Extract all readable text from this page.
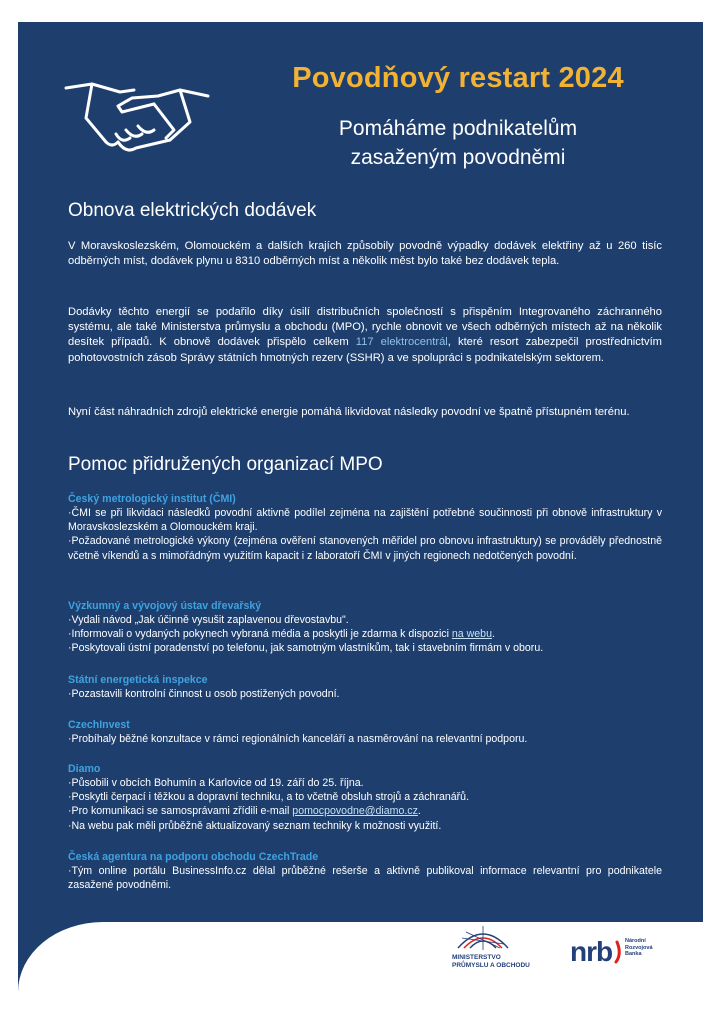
Povodňový restart 2024
Pomáháme podnikatelům
zasaženým povodněmi
Obnova elektrických dodávek

V Moravskoslezském, Olomouckém a dalších krajích způsobily povodně výpadky dodávek elektřiny až u 260 tisíc odběrných míst, dodávek plynu u 8310 odběrných míst a několik měst bylo také bez dodávek tepla.

Dodávky těchto energií se podařilo díky úsilí distribučních společností s přispěním Integrovaného záchranného systému, ale také Ministerstva průmyslu a obchodu (MPO), rychle obnovit ve všech odběrných místech až na několik desítek případů. K obnově dodávek přispělo celkem 117 elektrocentrál, které resort zabezpečil prostřednictvím pohotovostních zásob Správy státních hmotných rezerv (SSHR) a ve spolupráci s podnikatelským sektorem.

Nyní část náhradních zdrojů elektrické energie pomáhá likvidovat následky povodní ve špatně přístupném terénu.

Pomoc přidružených organizací MPO
Český metrologický institut (ČMI)

·ČMI se při likvidaci následků povodní aktivně podílel zejména na zajištění potřebné součinnosti při obnově infrastruktury v Moravskoslezském a Olomouckém kraji.

·Požadované metrologické výkony (zejména ověření stanovených měřidel pro obnovu infrastruktury) se prováděly přednostně včetně víkendů a s mimořádným využitím kapacit i z laboratoří ČMI v jiných regionech nedotčených povodní.

Výzkumný a vývojový ústav dřevařský

·Vydali návod „Jak účinně vysušit zaplavenou dřevostavbu".

·Informovali o vydaných pokynech vybraná média a poskytli je zdarma k dispozici na webu.

·Poskytovali ústní poradenství po telefonu, jak samotným vlastníkům, tak i stavebním firmám v oboru.

Státní energetická inspekce

·Pozastavili kontrolní činnost u osob postižených povodní.

CzechInvest

·Probíhaly běžné konzultace v rámci regionálních kanceláří a nasměrování na relevantní podporu.

Diamo

·Působili v obcích Bohumín a Karlovice od 19. září do 25. října.

·Poskytli čerpací i těžkou a dopravní techniku, a to včetně obsluh strojů a záchranářů.

·Pro komunikaci se samosprávami zřídili e-mail pomocpovodne@diamo.cz.

·Na webu pak měli průběžně aktualizovaný seznam techniky k možnosti využití.

Česká agentura na podporu obchodu CzechTrade

·Tým online portálu BusinessInfo.cz dělal průběžné rešerše a aktivně publikoval informace relevantní pro podnikatele zasažené povodněmi.

MINISTERSTVO
PRŮMYSLU A OBCHODU nrb Národní
Rozvojová
Banka
